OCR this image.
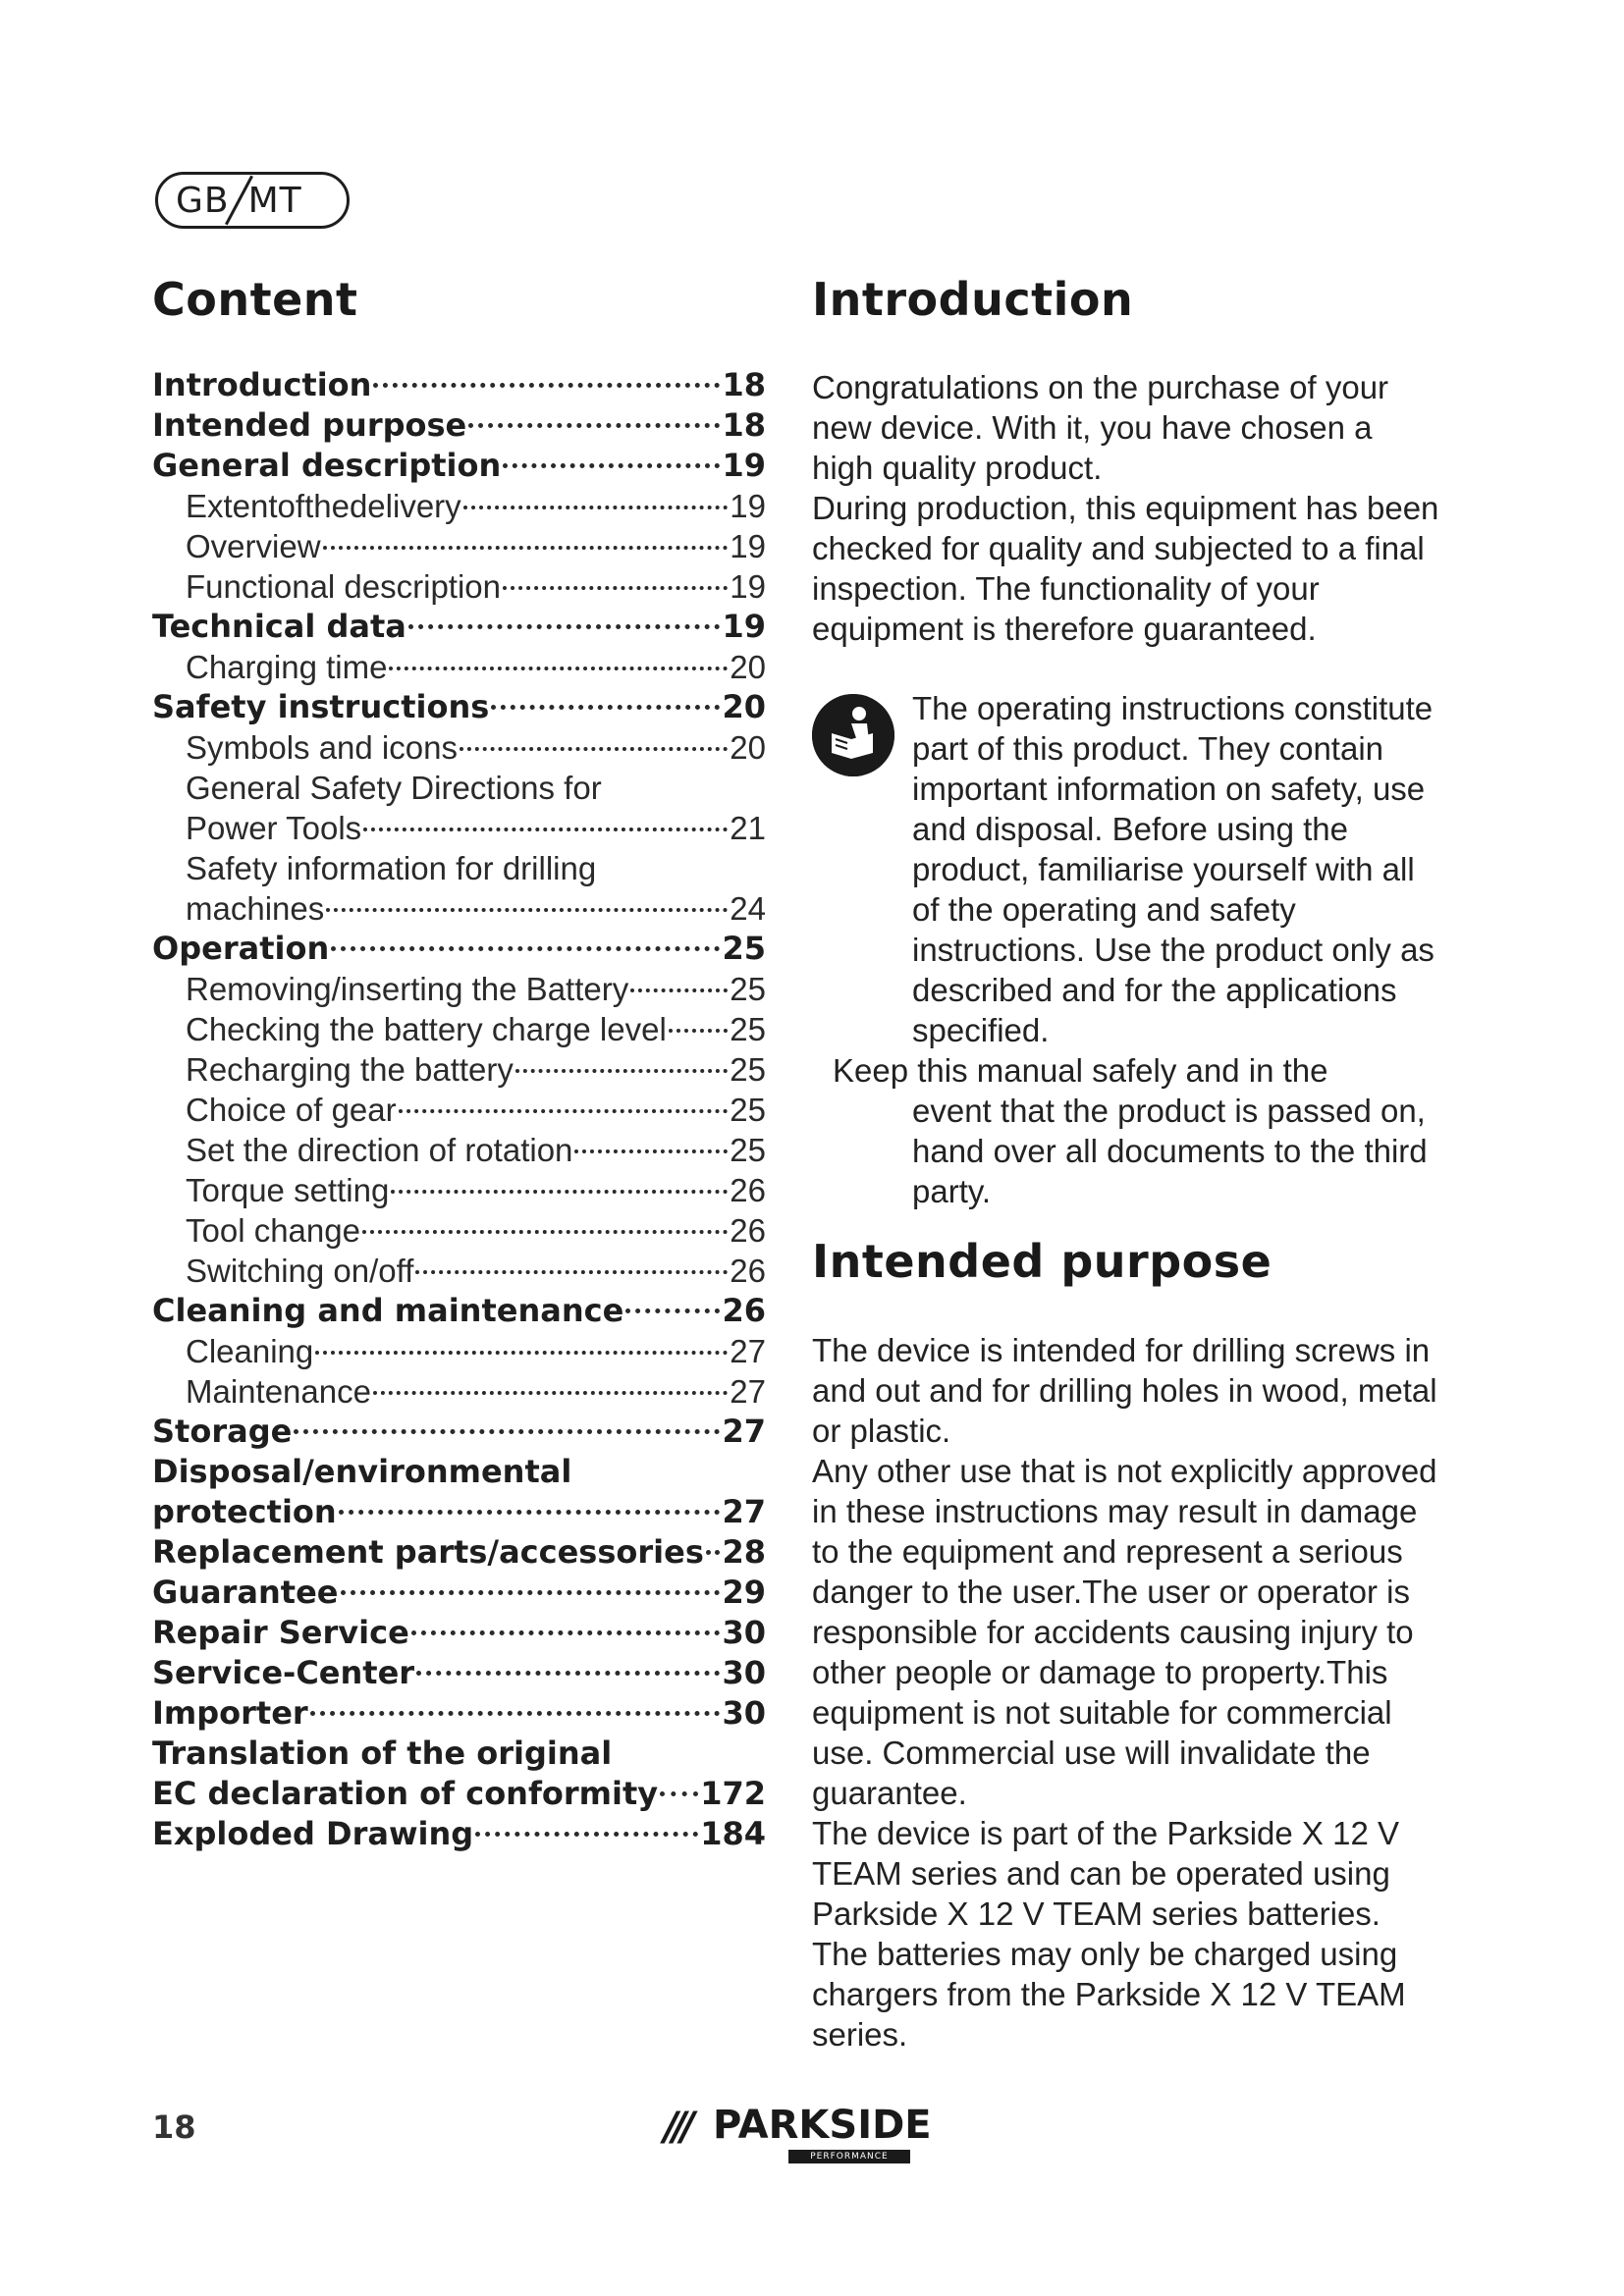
GB MT
Content
Introduction	18
Intended purpose	18
General description	19
Extentofthedelivery	19
Overview	19
Functional description	19
Technical data	19
Charging time	20
Safety instructions	20
Symbols and icons	20
General Safety Directions for
Power Tools	21
Safety information for drilling
machines	24
Operation	25
Removing/inserting the Battery	25
Checking the battery charge level 25
Recharging the battery	25
Choice of gear	25
Set the direction of rotation	25
Torque setting	26
Tool change	26
Switching on/off	26
Cleaning and maintenance	26
Cleaning	27
Maintenance	27
Storage	27
Disposal/environmental
protection	27
Replacement parts/accessories 28
Guarantee	29
Repair Service	30
Service-Center	30
Importer	30
Translation of the original
EC declaration of conformity 172
Exploded Drawing	184
Introduction

Congratulations on the purchase of your new device. With it, you have chosen a high quality product.

During production, this equipment has been checked for quality and subjected to a final inspection. The functionality of your equipment is therefore guaranteed.

The operating instructions constitute part of this product. They contain important information on safety, use and disposal. Before using the product, familiarise yourself with all of the operating and safety instructions. Use the product only as described and for the applications specified.
Keep this manual safely and in the
event that the product is passed on, hand over all documents to the third party.
Intended purpose

The device is intended for drilling screws in and out and for drilling holes in wood, metal or plastic.

Any other use that is not explicitly approved in these instructions may result in damage to the equipment and represent a serious danger to the user.The user or operator is responsible for accidents causing injury to other people or damage to property.This equipment is not suitable for commercial use. Commercial use will invalidate the guarantee.

The device is part of the Parkside X 12 V TEAM series and can be operated using Parkside X 12 V TEAM series batteries.

The batteries may only be charged using chargers from the Parkside X 12 V TEAM series.

18	/// PARKSIDE
PERFORMANCE
